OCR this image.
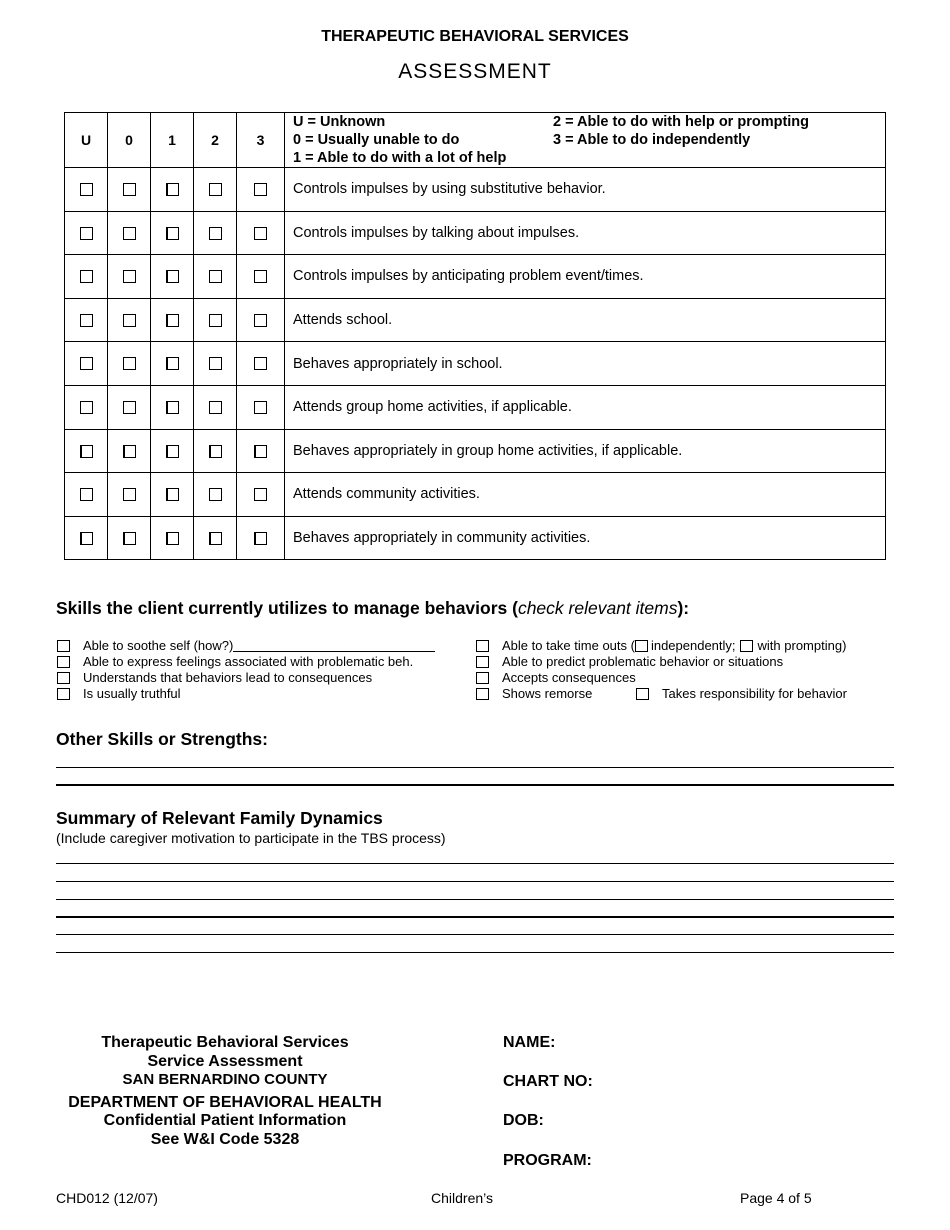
THERAPEUTIC BEHAVIORAL SERVICES
ASSESSMENT
U	0	1	2	3	U = Unknown
0 = Usually unable to do
1 = Able to do with a lot of help
2 = Able to do with help or prompting
3 = Able to do independently

					Controls impulses by using substitutive behavior.
					Controls impulses by talking about impulses.
					Controls impulses by anticipating problem event/times.
					Attends school.
					Behaves appropriately in school.
					Attends group home activities, if applicable.
					Behaves appropriately in group home activities, if applicable.
					Attends community activities.
					Behaves appropriately in community activities.
Skills the client currently utilizes to manage behaviors (check relevant items):
Able to soothe self (how?)
Able to express feelings associated with problematic beh.
Understands that behaviors lead to consequences
Is usually truthful
Able to take time outs ( independently; with prompting)
Able to predict problematic behavior or situations
Accepts consequences
Shows remorse	Takes responsibility for behavior
Other Skills or Strengths:
Summary of Relevant Family Dynamics
(Include caregiver motivation to participate in the TBS process)
Therapeutic Behavioral Services
Service Assessment
SAN BERNARDINO COUNTY
DEPARTMENT OF BEHAVIORAL HEALTH
Confidential Patient Information
See W&I Code 5328
NAME:
CHART NO:
DOB:
PROGRAM:
CHD012 (12/07)	Children’s	Page 4 of 5
